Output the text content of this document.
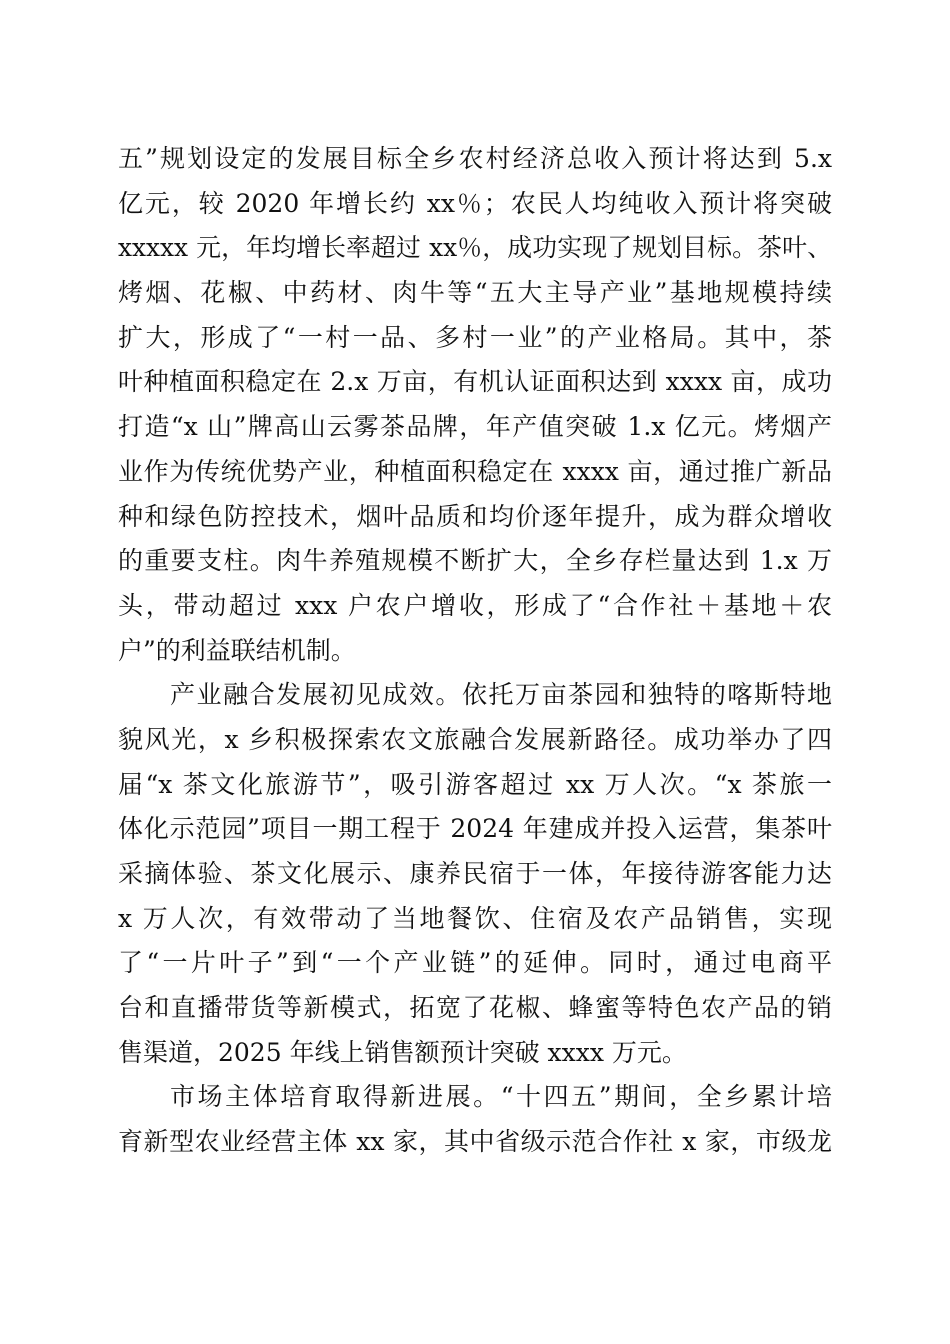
五”规划设定的发展目标全乡农村经济总收入预计将达到 5.x
亿元，较 2020 年增长约 xx％；农民人均纯收入预计将突破
xxxxx 元，年均增长率超过 xx％，成功实现了规划目标。茶叶、
烤烟、花椒、中药材、肉牛等“五大主导产业”基地规模持续
扩大，形成了“一村一品、多村一业”的产业格局。其中，茶
叶种植面积稳定在 2.x 万亩，有机认证面积达到 xxxx 亩，成功
打造“x 山”牌高山云雾茶品牌，年产值突破 1.x 亿元。烤烟产
业作为传统优势产业，种植面积稳定在 xxxx 亩，通过推广新品
种和绿色防控技术，烟叶品质和均价逐年提升，成为群众增收
的重要支柱。肉牛养殖规模不断扩大，全乡存栏量达到 1.x 万
头，带动超过 xxx 户农户增收，形成了“合作社＋基地＋农
户”的利益联结机制。
产业融合发展初见成效。依托万亩茶园和独特的喀斯特地
貌风光，x 乡积极探索农文旅融合发展新路径。成功举办了四
届“x 茶文化旅游节”，吸引游客超过 xx 万人次。“x 茶旅一
体化示范园”项目一期工程于 2024 年建成并投入运营，集茶叶
采摘体验、茶文化展示、康养民宿于一体，年接待游客能力达
x 万人次，有效带动了当地餐饮、住宿及农产品销售，实现
了“一片叶子”到“一个产业链”的延伸。同时，通过电商平
台和直播带货等新模式，拓宽了花椒、蜂蜜等特色农产品的销
售渠道，2025 年线上销售额预计突破 xxxx 万元。
市场主体培育取得新进展。“十四五”期间，全乡累计培
育新型农业经营主体 xx 家，其中省级示范合作社 x 家，市级龙
